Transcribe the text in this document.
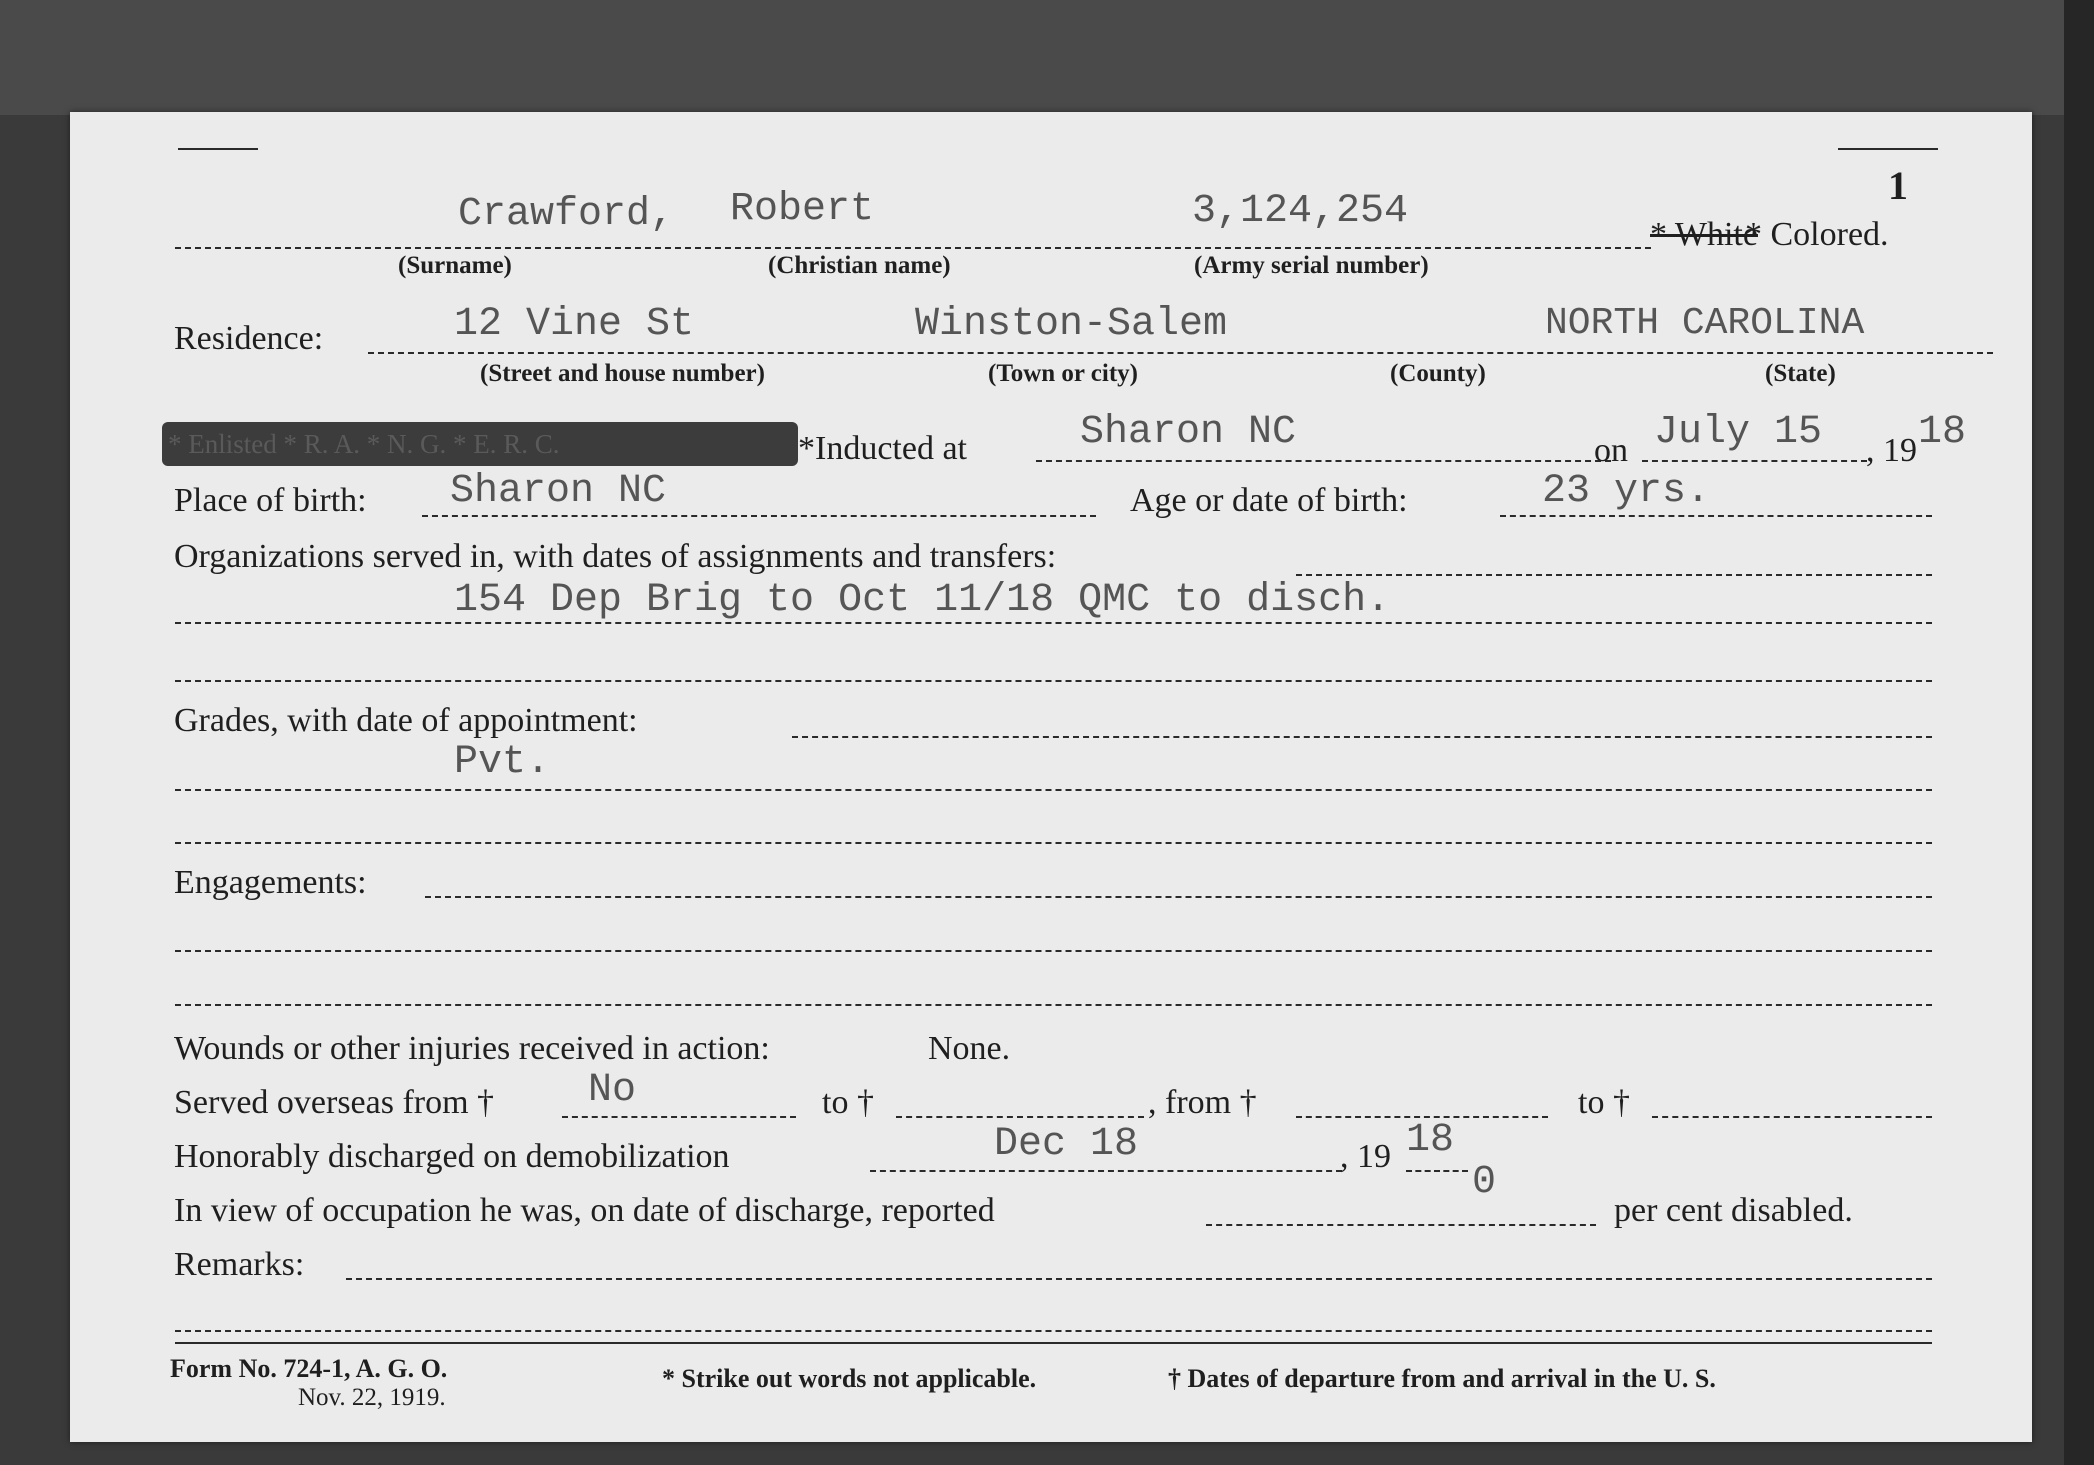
1
Crawford, Robert	3,124,254
* White
* Colored.
(Surname)	(Christian name)	(Army serial number)
Residence:	12 Vine St	Winston-Salem	NORTH CAROLINA
(Street and house number)	(Town or city)	(County)	(State)
* Enlisted * R. A. * N. G. * E. R. C.	*Inducted at	Sharon NC	on July 15 , 19 18
Place of birth: Sharon NC	Age or date of birth:	23 yrs.
Organizations served in, with dates of assignments and transfers:
154 Dep Brig to Oct 11/18 QMC to disch.
Grades, with date of appointment:
Pvt.
Engagements:
Wounds or other injuries received in action:	None.
Served overseas from † No	to †	, from †	to †
Honorably discharged on demobilization	Dec 18	, 19 18
In view of occupation he was, on date of discharge, reported
0
per cent disabled.
Remarks:
Form No. 724-1, A. G. O.
Nov. 22, 1919.
* Strike out words not applicable.	† Dates of departure from and arrival in the U. S.
